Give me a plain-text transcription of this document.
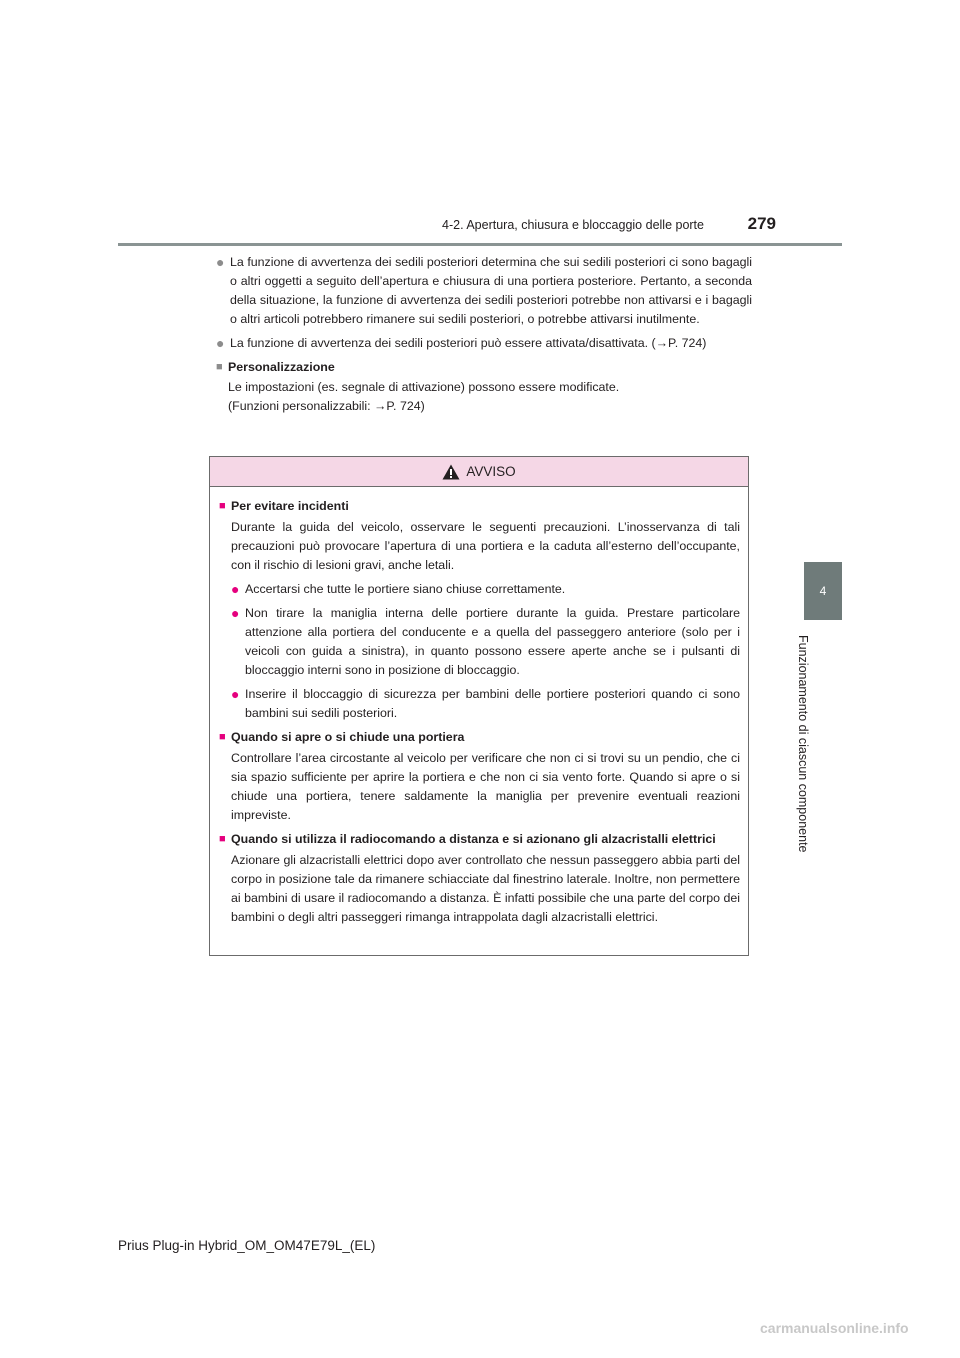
4-2. Apertura, chiusura e bloccaggio delle porte	279
4
Funzionamento di ciascun componente
● La funzione di avvertenza dei sedili posteriori determina che sui sedili posteriori ci sono bagagli o altri oggetti a seguito dell’apertura e chiusura di una portiera posteriore. Pertanto, a seconda della situazione, la funzione di avvertenza dei sedili posteriori potrebbe non attivarsi e i bagagli o altri articoli potrebbero rimanere sui sedili posteriori, o potrebbe attivarsi inutilmente.
● La funzione di avvertenza dei sedili posteriori può essere attivata/disattivata. (→P. 724)
■ Personalizzazione
Le impostazioni (es. segnale di attivazione) possono essere modificate.
(Funzioni personalizzabili: →P. 724)
AVVISO
■ Per evitare incidenti
Durante la guida del veicolo, osservare le seguenti precauzioni. L’inosservanza di tali precauzioni può provocare l’apertura di una portiera e la caduta all’esterno dell’occupante, con il rischio di lesioni gravi, anche letali.
● Accertarsi che tutte le portiere siano chiuse correttamente.
● Non tirare la maniglia interna delle portiere durante la guida. Prestare particolare attenzione alla portiera del conducente e a quella del passeggero anteriore (solo per i veicoli con guida a sinistra), in quanto possono essere aperte anche se i pulsanti di bloccaggio interni sono in posizione di bloccaggio.
● Inserire il bloccaggio di sicurezza per bambini delle portiere posteriori quando ci sono bambini sui sedili posteriori.
■ Quando si apre o si chiude una portiera
Controllare l’area circostante al veicolo per verificare che non ci si trovi su un pendio, che ci sia spazio sufficiente per aprire la portiera e che non ci sia vento forte. Quando si apre o si chiude una portiera, tenere saldamente la maniglia per prevenire eventuali reazioni impreviste.
■ Quando si utilizza il radiocomando a distanza e si azionano gli alzacristalli elettrici
Azionare gli alzacristalli elettrici dopo aver controllato che nessun passeggero abbia parti del corpo in posizione tale da rimanere schiacciate dal finestrino laterale. Inoltre, non permettere ai bambini di usare il radiocomando a distanza. È infatti possibile che una parte del corpo dei bambini o degli altri passeggeri rimanga intrappolata dagli alzacristalli elettrici.
Prius Plug-in Hybrid_OM_OM47E79L_(EL)
carmanualsonline.info
